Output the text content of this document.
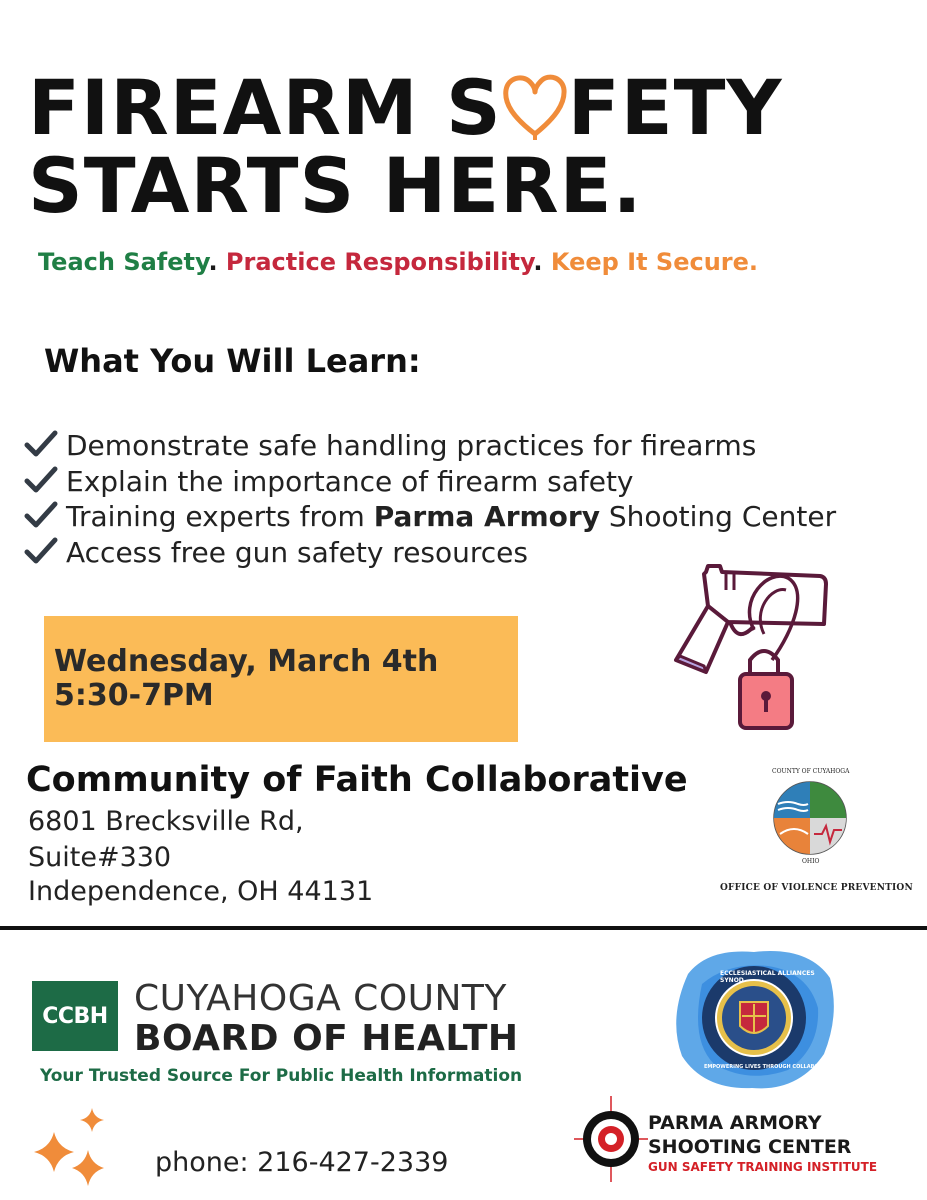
FIREARM S FETY
STARTS HERE.
Teach Safety. Practice Responsibility. Keep It Secure.
What You Will Learn:
Demonstrate safe handling practices for firearms
Explain the importance of firearm safety
Training experts from Parma Armory Shooting Center
Access free gun safety resources
Wednesday, March 4th
5:30-7PM
Community of Faith Collaborative
6801 Brecksville Rd,
Suite#330
Independence, OH 44131
COUNTY OF CUYAHOGA
OHIO
OFFICE OF VIOLENCE PREVENTION
CCBH CUYAHOGA COUNTY
BOARD OF HEALTH
Your Trusted Source For Public Health Information
ECCLESIASTICAL ALLIANCES SYNOD
EMPOWERING LIVES THROUGH COLLABORATION
phone: 216-427-2339
PARMA ARMORY
SHOOTING CENTER
GUN SAFETY TRAINING INSTITUTE
